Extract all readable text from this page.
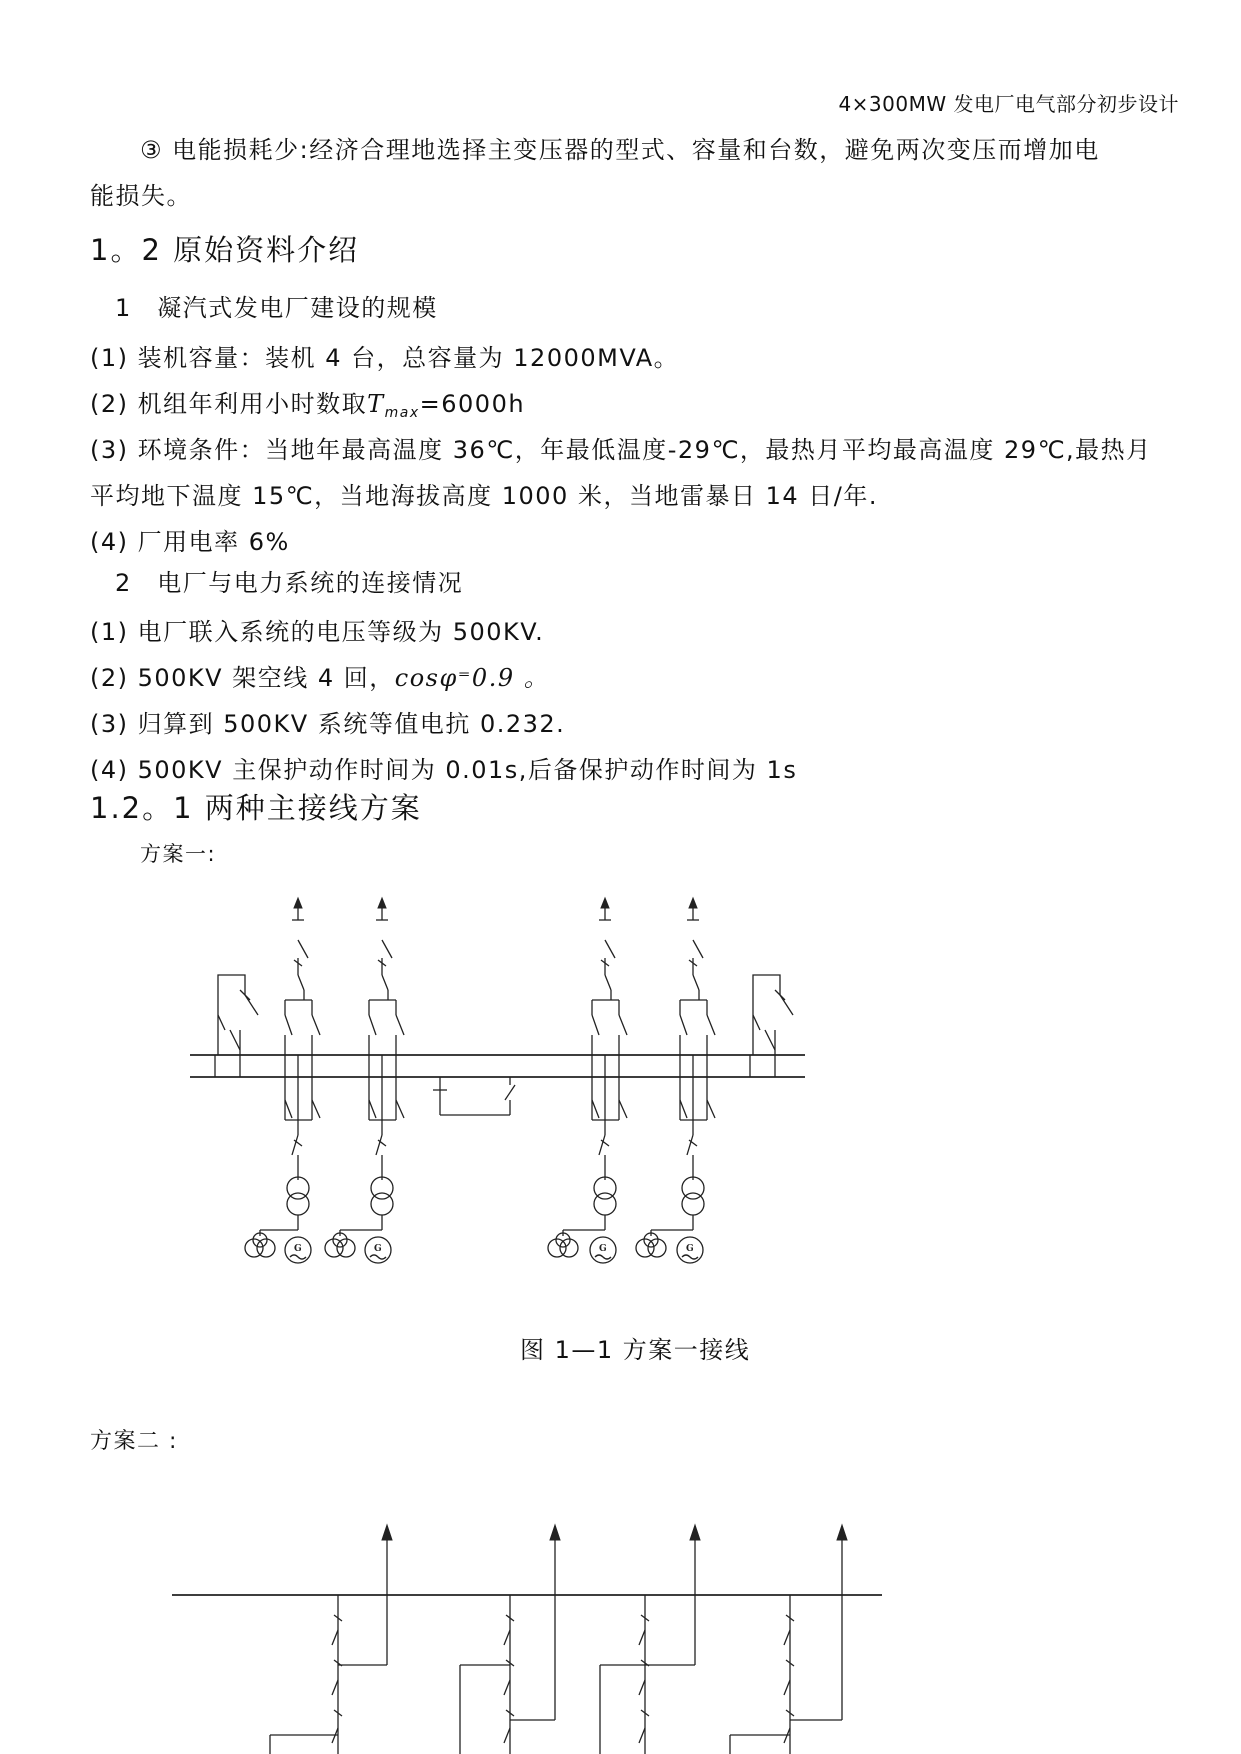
4×300MW 发电厂电气部分初步设计
③ 电能损耗少:经济合理地选择主变压器的型式、容量和台数，避免两次变压而增加电
能损失。
1。2 原始资料介绍
1　凝汽式发电厂建设的规模
(1) 装机容量：装机 4 台，总容量为 12000MVA。
(2) 机组年利用小时数取$T_{max}=6000h$
(3) 环境条件：当地年最高温度 36℃，年最低温度-29℃，最热月平均最高温度 29℃,最热月
平均地下温度 15℃，当地海拔高度 1000 米，当地雷暴日 14 日/年.
(4) 厂用电率 6%
2　电厂与电力系统的连接情况
(1) 电厂联入系统的电压等级为 500KV.
(2) 500KV 架空线 4 回，cosφ⁼0.9 。
(3) 归算到 500KV 系统等值电抗 0.232.
(4) 500KV 主保护动作时间为 0.01s,后备保护动作时间为 1s
1.2。1 两种主接线方案
方案一:
G	G	G	G
图 1—1 方案一接线
方案二 :
